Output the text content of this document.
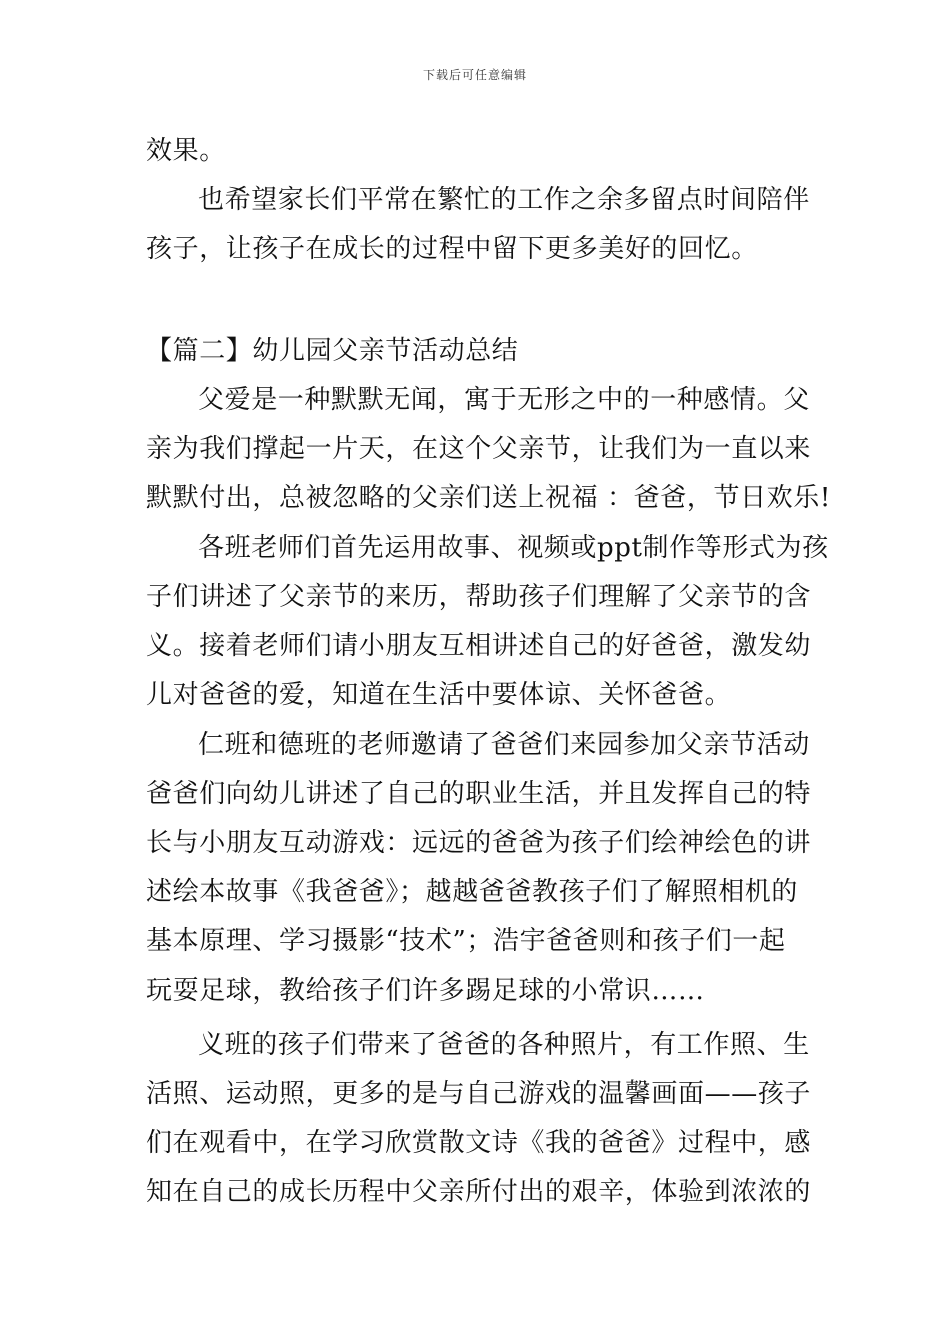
下载后可任意编辑
效果。
也希望家长们平常在繁忙的工作之余多留点时间陪伴
孩子，让孩子在成长的过程中留下更多美好的回忆。
【篇二】幼儿园父亲节活动总结
父爱是一种默默无闻，寓于无形之中的一种感情。父
亲为我们撑起一片天，在这个父亲节，让我们为一直以来
默默付出，总被忽略的父亲们送上祝福 ：爸爸，节日欢乐!
各班老师们首先运用故事、视频或ppt制作等形式为孩
子们讲述了父亲节的来历，帮助孩子们理解了父亲节的含
义。接着老师们请小朋友互相讲述自己的好爸爸，激发幼
儿对爸爸的爱，知道在生活中要体谅、关怀爸爸。
仁班和德班的老师邀请了爸爸们来园参加父亲节活动
爸爸们向幼儿讲述了自己的职业生活，并且发挥自己的特
长与小朋友互动游戏：远远的爸爸为孩子们绘神绘色的讲
述绘本故事《我爸爸》；越越爸爸教孩子们了解照相机的
基本原理、学习摄影“技术”；浩宇爸爸则和孩子们一起
玩耍足球，教给孩子们许多踢足球的小常识……
义班的孩子们带来了爸爸的各种照片，有工作照、生
活照、运动照，更多的是与自己游戏的温馨画面——孩子
们在观看中，在学习欣赏散文诗《我的爸爸》过程中，感
知在自己的成长历程中父亲所付出的艰辛，体验到浓浓的
